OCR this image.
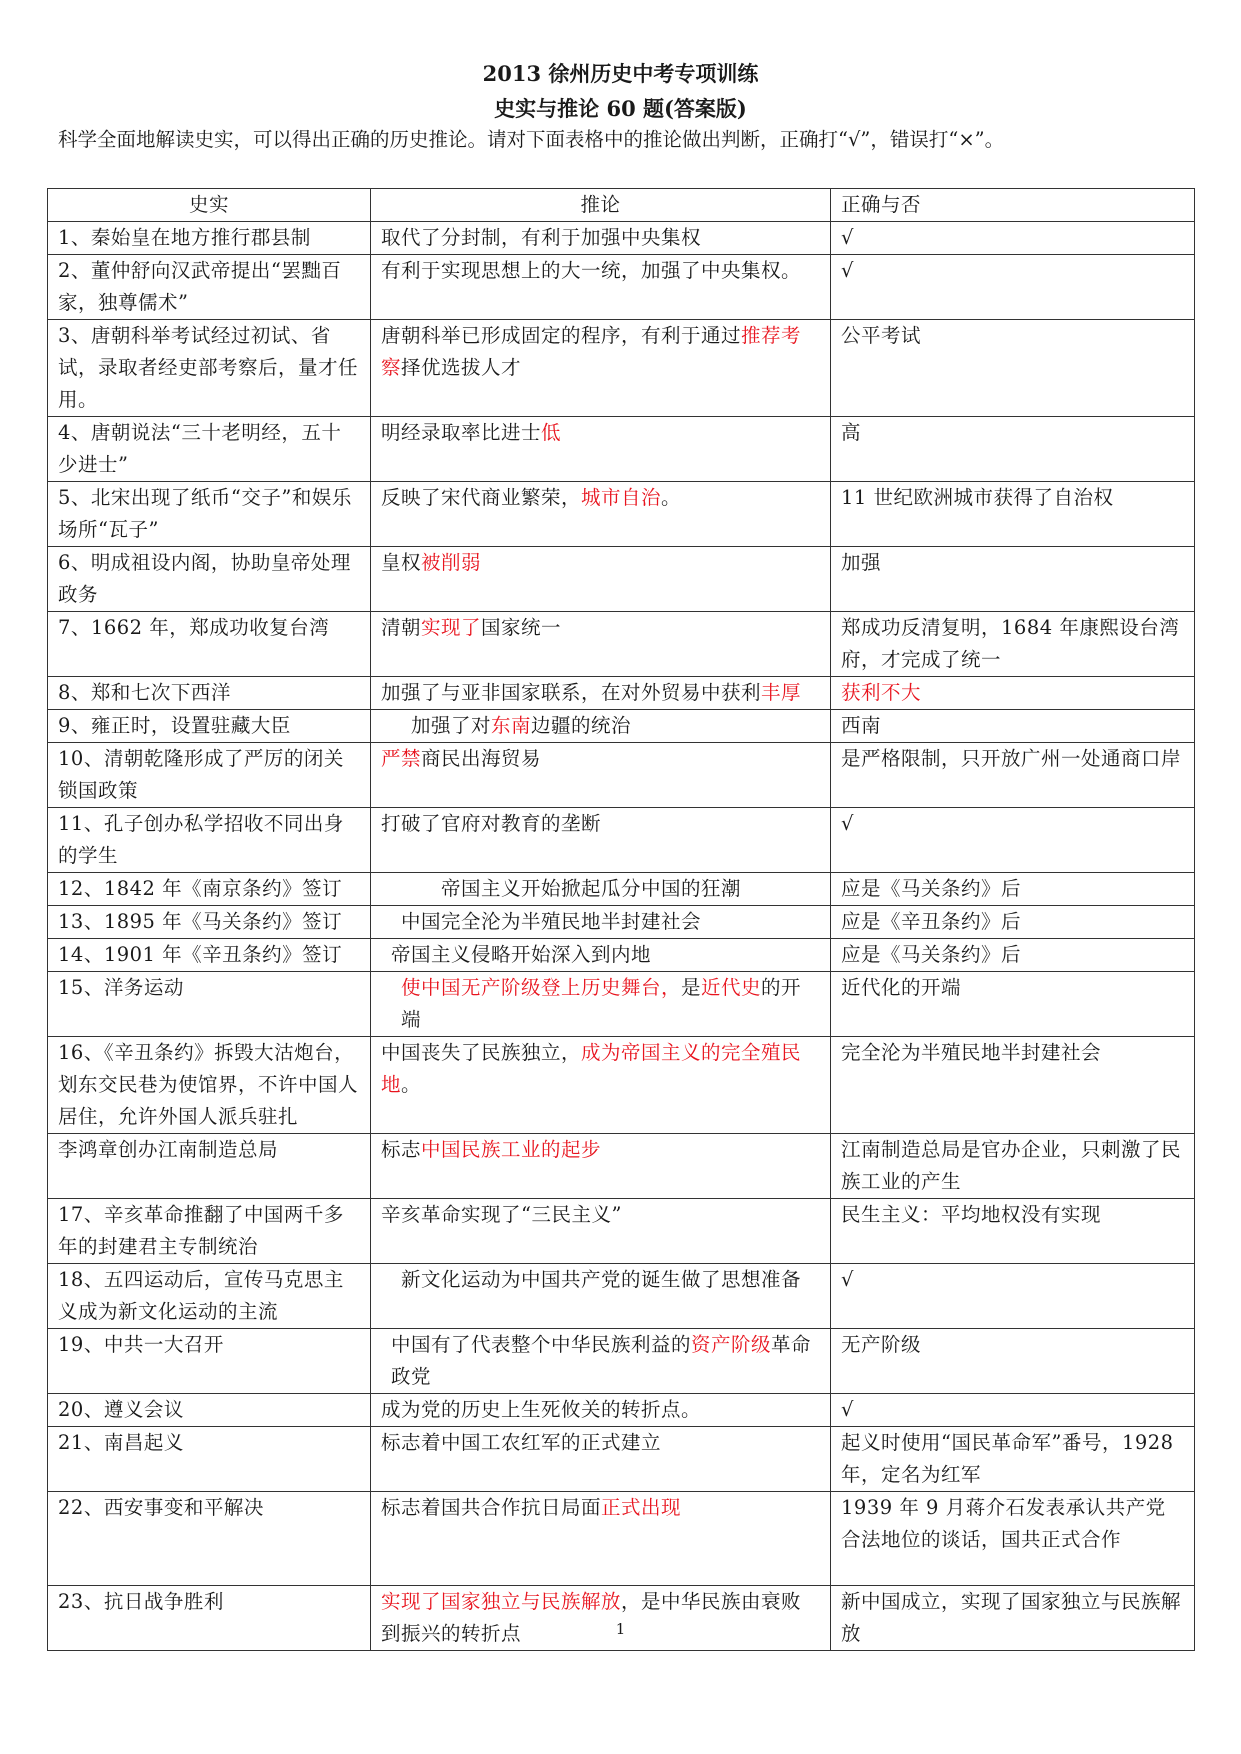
2013 徐州历史中考专项训练
史实与推论 60 题(答案版)
科学全面地解读史实，可以得出正确的历史推论。请对下面表格中的推论做出判断，正确打“√”，错误打“×”。
史实	推论	正确与否
1、秦始皇在地方推行郡县制	取代了分封制，有利于加强中央集权	√
2、董仲舒向汉武帝提出“罢黜百家，独尊儒术”	有利于实现思想上的大一统，加强了中央集权。	√
3、唐朝科举考试经过初试、省试，录取者经吏部考察后，量才任用。	唐朝科举已形成固定的程序，有利于通过推荐考察择优选拔人才	公平考试
4、唐朝说法“三十老明经，五十少进士”	明经录取率比进士低	高
5、北宋出现了纸币“交子”和娱乐场所“瓦子”	反映了宋代商业繁荣，城市自治。	11 世纪欧洲城市获得了自治权
6、明成祖设内阁，协助皇帝处理政务	皇权被削弱	加强
7、1662 年，郑成功收复台湾	清朝实现了国家统一	郑成功反清复明，1684 年康熙设台湾府，才完成了统一
8、郑和七次下西洋	加强了与亚非国家联系，在对外贸易中获利丰厚	获利不大
9、雍正时，设置驻藏大臣	加强了对东南边疆的统治	西南
10、清朝乾隆形成了严厉的闭关锁国政策	严禁商民出海贸易	是严格限制，只开放广州一处通商口岸
11、孔子创办私学招收不同出身的学生	打破了官府对教育的垄断	√
12、1842 年《南京条约》签订	帝国主义开始掀起瓜分中国的狂潮	应是《马关条约》后
13、1895 年《马关条约》签订	中国完全沦为半殖民地半封建社会	应是《辛丑条约》后
14、1901 年《辛丑条约》签订	帝国主义侵略开始深入到内地	应是《马关条约》后
15、洋务运动	使中国无产阶级登上历史舞台，是近代史的开端	近代化的开端
16、《辛丑条约》拆毁大沽炮台，划东交民巷为使馆界，不许中国人居住，允许外国人派兵驻扎	中国丧失了民族独立，成为帝国主义的完全殖民地。	完全沦为半殖民地半封建社会
李鸿章创办江南制造总局	标志中国民族工业的起步	江南制造总局是官办企业，只刺激了民族工业的产生
17、辛亥革命推翻了中国两千多年的封建君主专制统治	辛亥革命实现了“三民主义”	民生主义：平均地权没有实现
18、五四运动后，宣传马克思主义成为新文化运动的主流	新文化运动为中国共产党的诞生做了思想准备	√
19、中共一大召开	中国有了代表整个中华民族利益的资产阶级革命政党	无产阶级
20、遵义会议	成为党的历史上生死攸关的转折点。	√
21、南昌起义	标志着中国工农红军的正式建立	起义时使用“国民革命军”番号，1928 年，定名为红军
22、西安事变和平解决	标志着国共合作抗日局面正式出现	1939 年 9 月蒋介石发表承认共产党合法地位的谈话，国共正式合作
23、抗日战争胜利	实现了国家独立与民族解放，是中华民族由衰败到振兴的转折点	新中国成立，实现了国家独立与民族解放
1
